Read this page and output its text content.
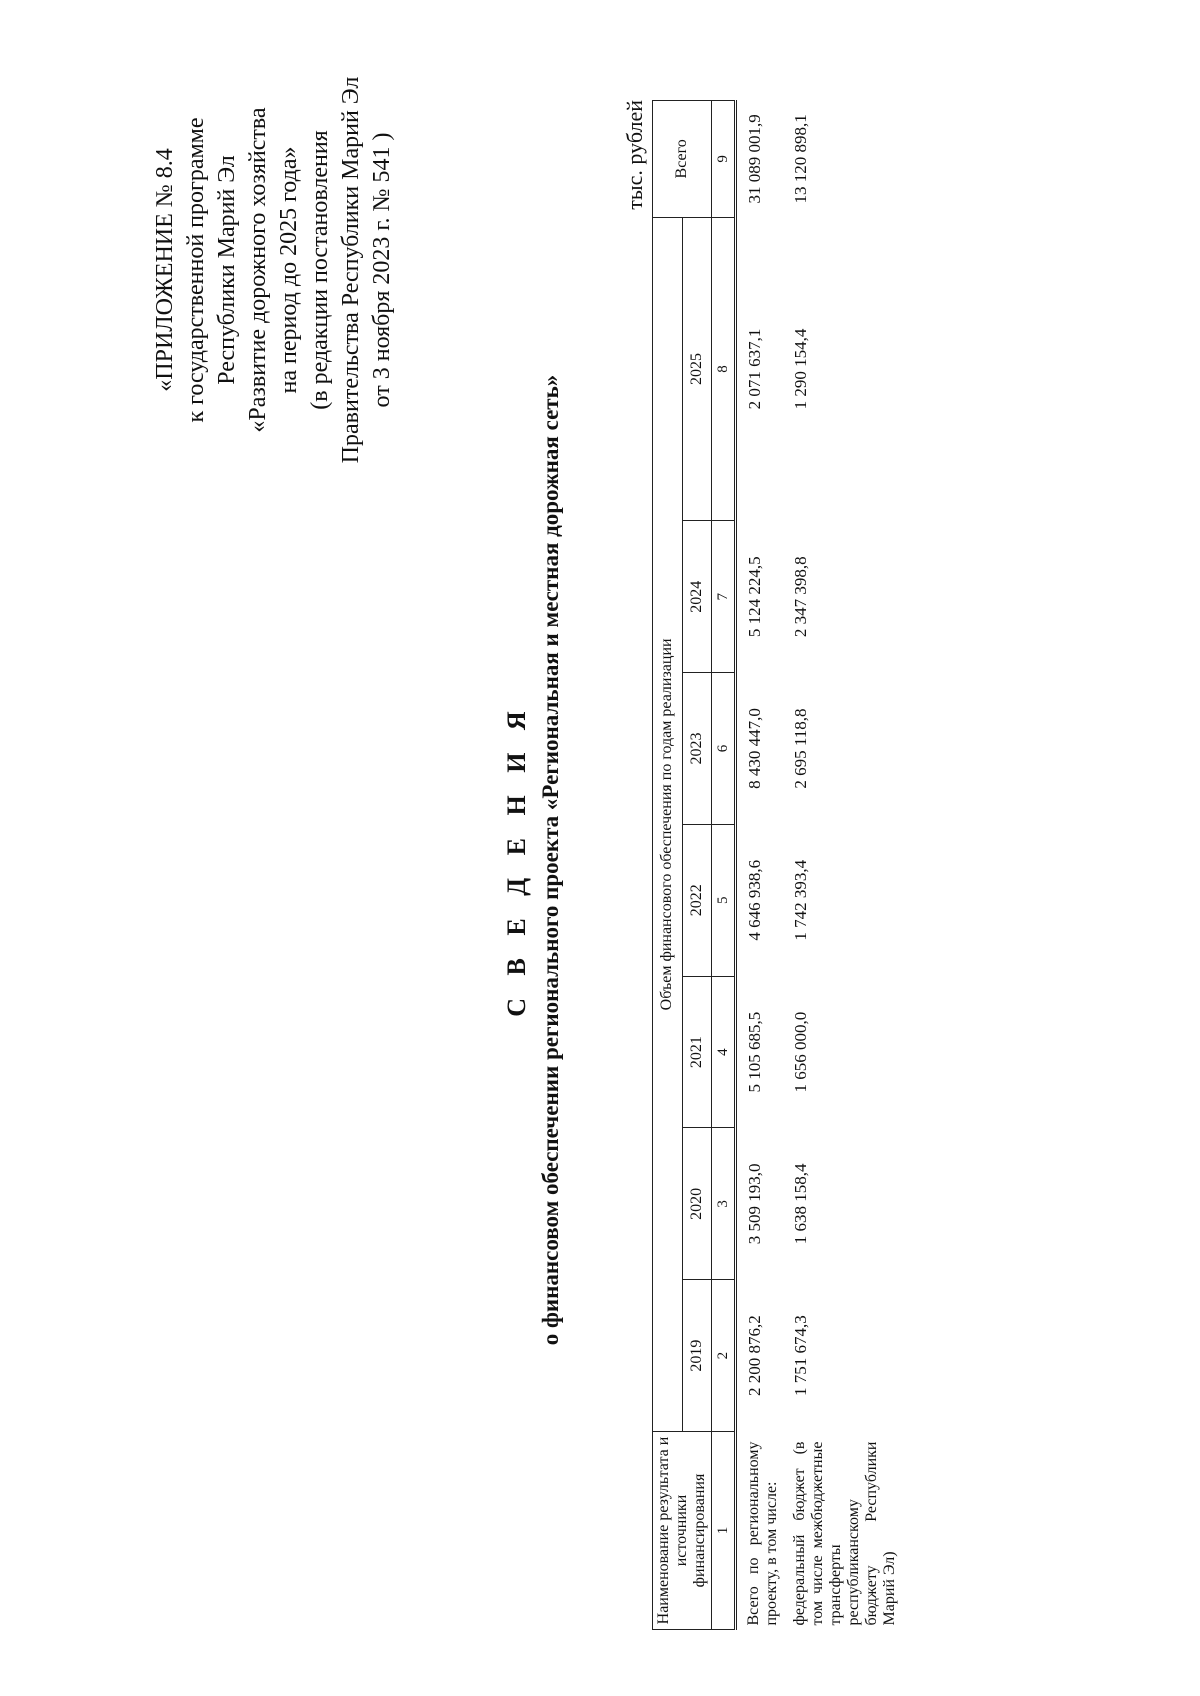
«ПРИЛОЖЕНИЕ № 8.4 к государственной программе Республики Марий Эл «Развитие дорожного хозяйства на период до 2025 года» (в редакции постановления Правительства Республики Марий Эл от 3 ноября 2023 г. № 541 )
С В Е Д Е Н И Я о финансовом обеспечении регионального проекта «Региональная и местная дорожная сеть»
тыс. рублей
Наименование результата и источники финансирования	Объем финансового обеспечения по годам реализации							Всего
	2019	2020	2021	2022	2023	2024	2025	
1	2	3	4	5	6	7	8	9
Всего по региональному проекту, в том числе:	2 200 876,2	3 509 193,0	5 105 685,5	4 646 938,6	8 430 447,0	5 124 224,5	2 071 637,1	31 089 001,9
федеральный бюджет (в том числе межбюджетные трансферты республиканскому бюджету Республики Марий Эл)	1 751 674,3	1 638 158,4	1 656 000,0	1 742 393,4	2 695 118,8	2 347 398,8	1 290 154,4	13 120 898,1
